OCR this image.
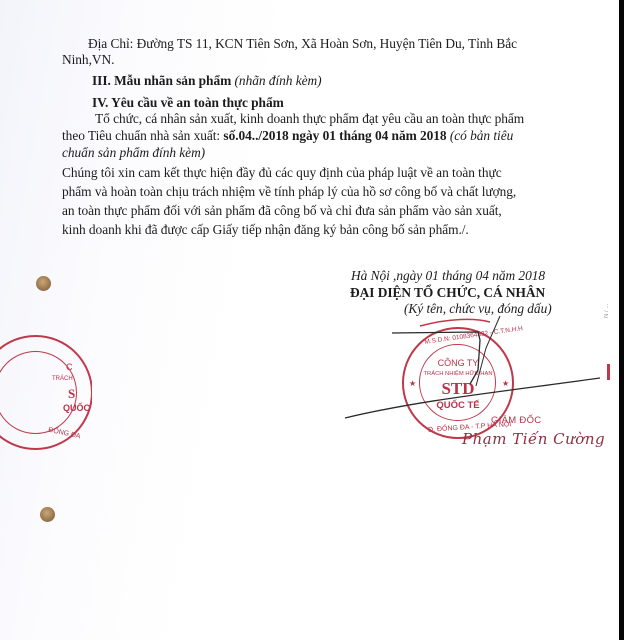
Địa Chỉ: Đường TS 11, KCN Tiên Sơn, Xã Hoàn Sơn, Huyện Tiên Du, Tỉnh Bắc
Ninh,VN.
III. Mẫu nhãn sản phẩm (nhãn đính kèm)
IV. Yêu cầu về an toàn thực phẩm
Tổ chức, cá nhân sản xuất, kinh doanh thực phẩm đạt yêu cầu an toàn thực phẩm
theo Tiêu chuẩn nhà sản xuất: số.04../2018 ngày 01 tháng 04 năm 2018 (có bản tiêu
chuẩn sản phẩm đính kèm)
Chúng tôi xin cam kết thực hiện đầy đủ các quy định của pháp luật về an toàn thực
phẩm và hoàn toàn chịu trách nhiệm về tính pháp lý của hồ sơ công bố và chất lượng,
an toàn thực phẩm đối với sản phẩm đã công bố và chỉ đưa sản phẩm vào sản xuất,
kinh doanh khi đã được cấp Giấy tiếp nhận đăng ký bản công bố sản phẩm./.
Hà Nội ,ngày 01 tháng 04 năm 2018
ĐẠI DIỆN TỔ CHỨC, CÁ NHÂN
(Ký tên, chức vụ, đóng dấu)
C
TRÁCH
S
QUỐC
ĐỐNG ĐA
M.S.D.N: 0108364332 - C.T.N.H.H
Đ. ĐỐNG ĐA - T.P HÀ NỘI
★	★
CÔNG TY
TRÁCH NHIỆM HỮU HẠN
STD
QUỐC TẾ
GIÁM ĐỐC
Phạm Tiến Cường
N / ...
